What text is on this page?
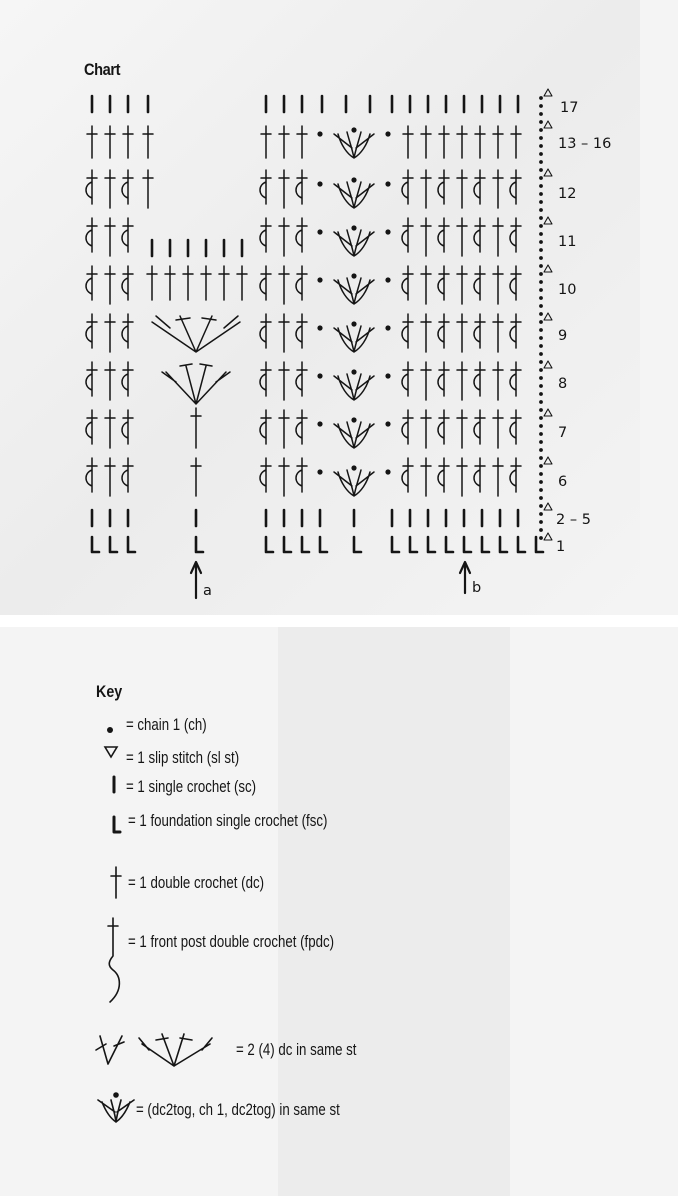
Chart
17
13 – 16
12
11
10
9
8
7
6
2 – 5
1
a	b
Key
= chain 1 (ch)
= 1 slip stitch (sl st)
= 1 single crochet (sc)
= 1 foundation single crochet (fsc)
= 1 double crochet (dc)
= 1 front post double crochet (fpdc)
= 2 (4) dc in same st
= (dc2tog, ch 1, dc2tog) in same st
